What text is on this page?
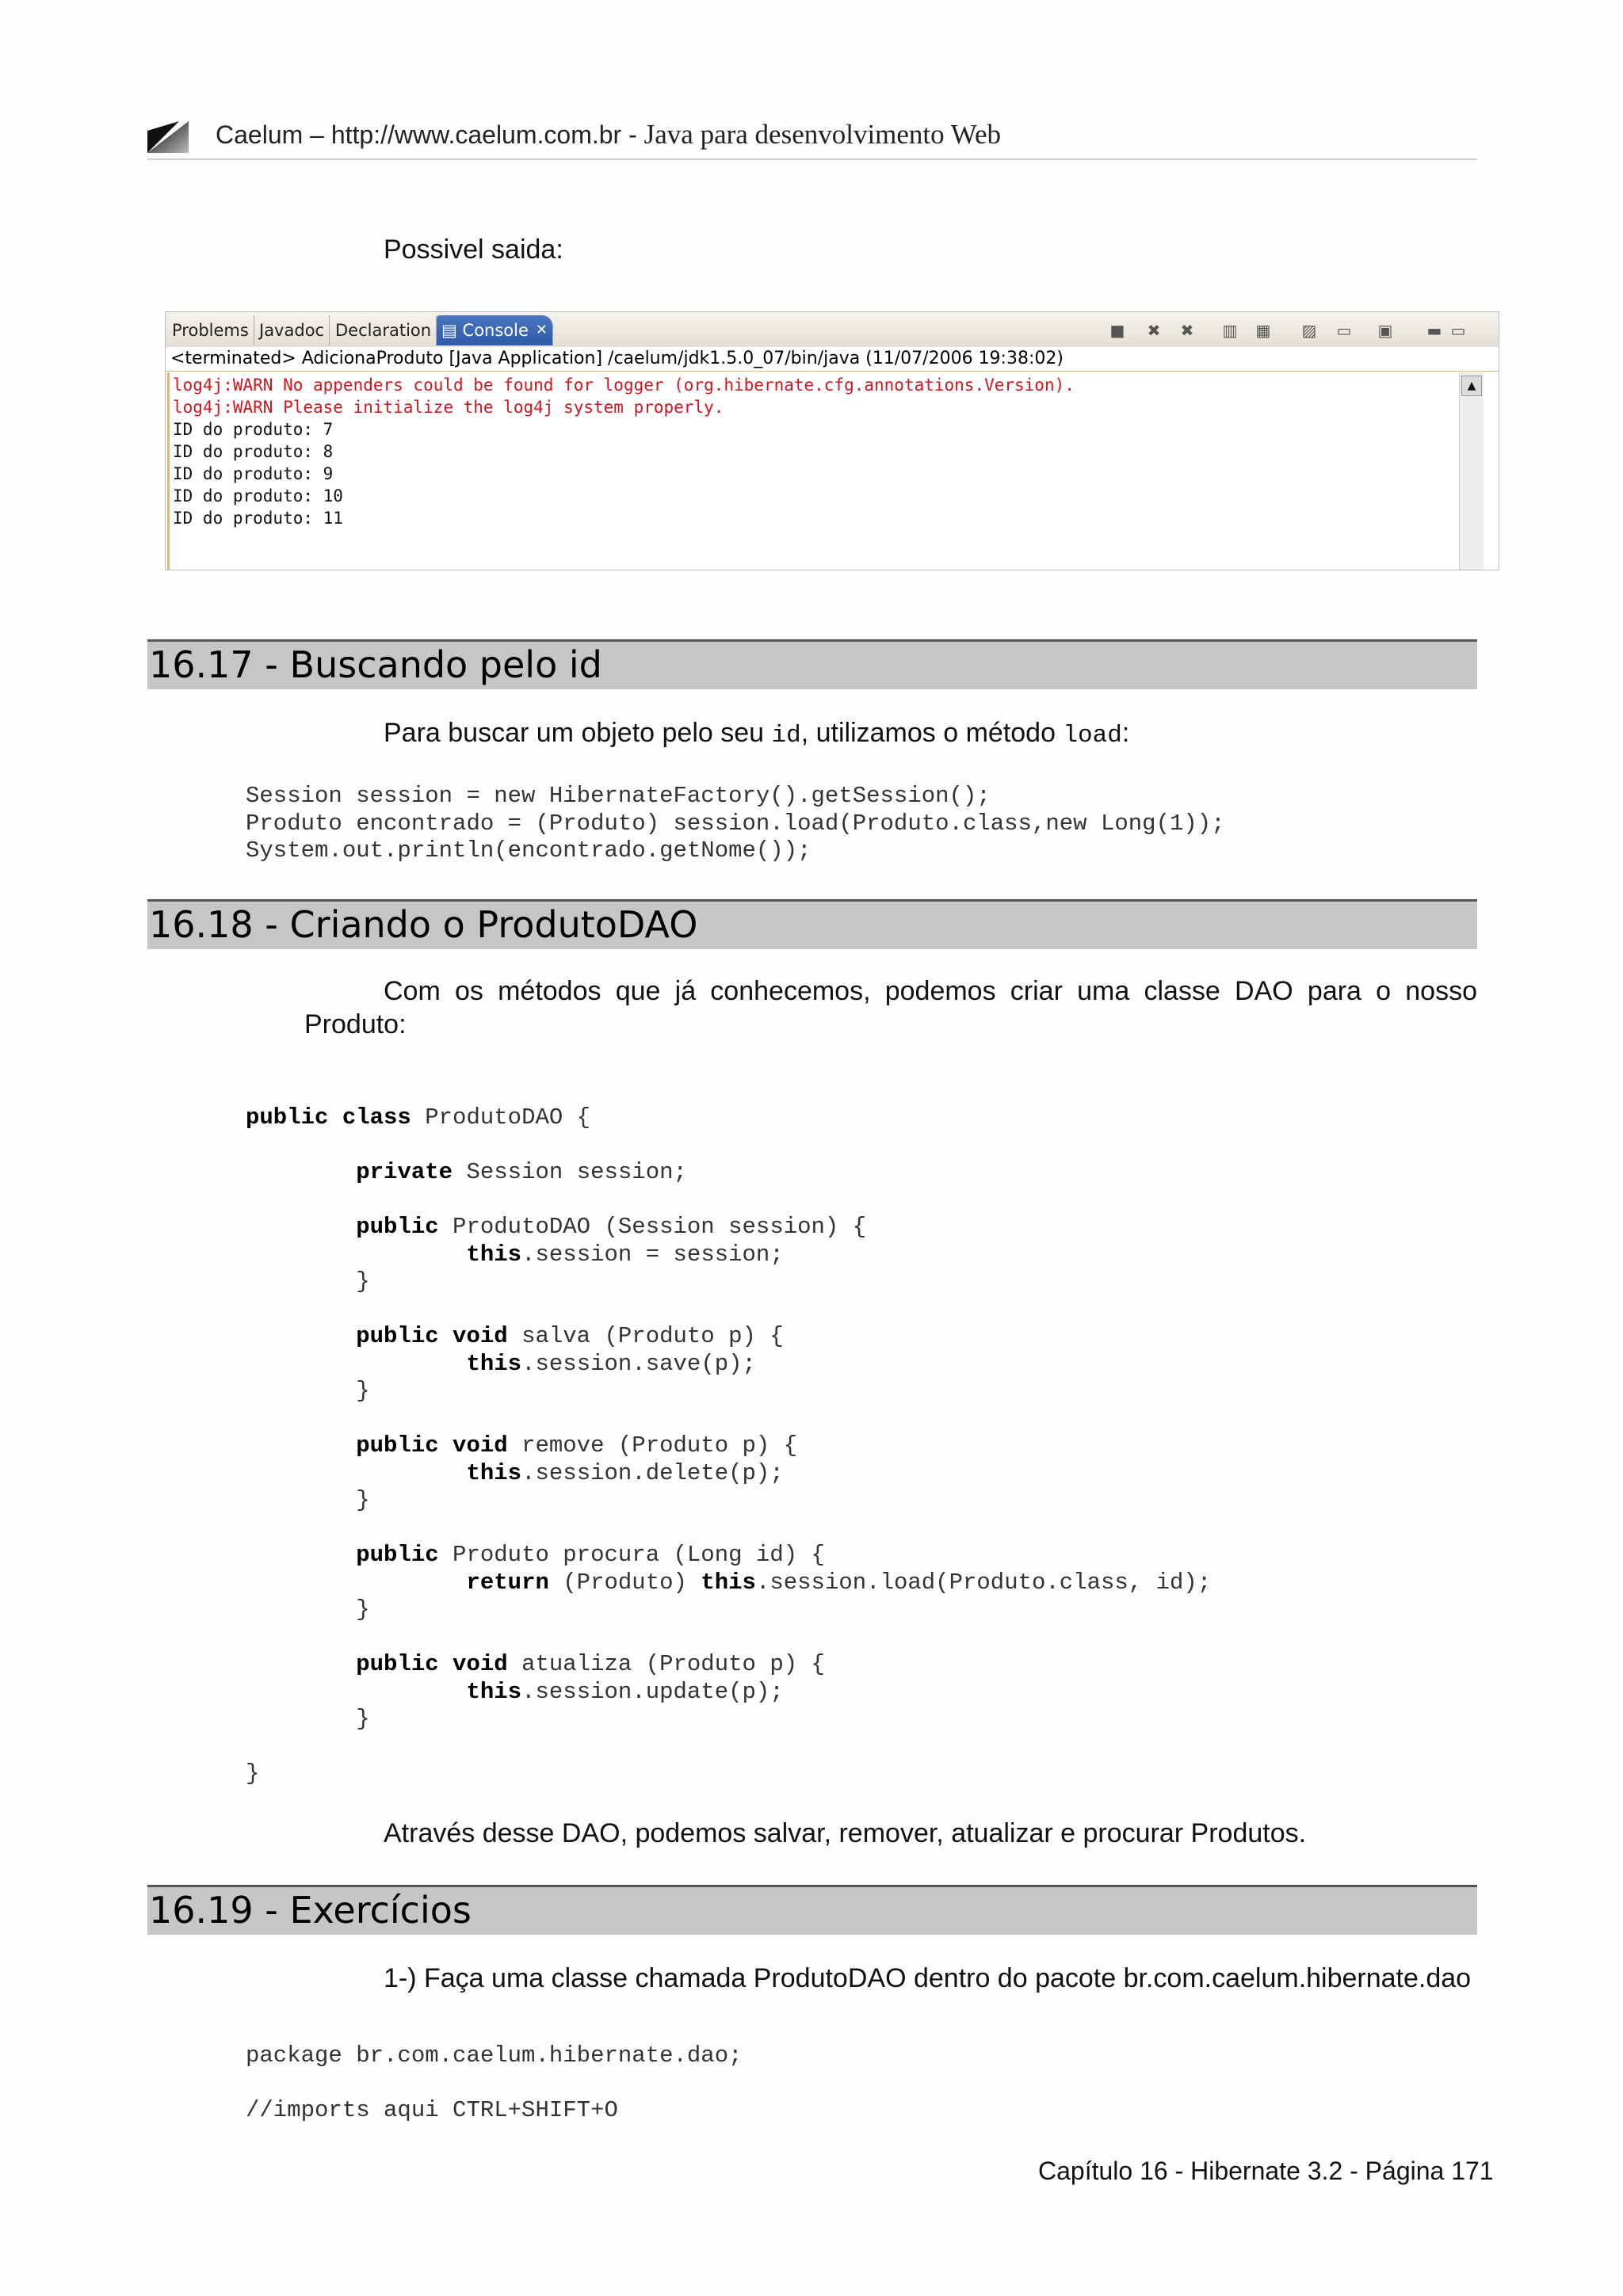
Caelum – http://www.caelum.com.br - Java para desenvolvimento Web
Possivel saida:
Problems Javadoc Declaration ▤ Console ✕	■ ✖ ✖ ▥ ▦ ▨ ▭ ▣ ▬ ▭
<terminated> AdicionaProduto [Java Application] /caelum/jdk1.5.0_07/bin/java (11/07/2006 19:38:02)
log4j:WARN No appenders could be found for logger (org.hibernate.cfg.annotations.Version).
log4j:WARN Please initialize the log4j system properly.
ID do produto: 7
ID do produto: 8
ID do produto: 9
ID do produto: 10
ID do produto: 11
▲
16.17 - Buscando pelo id
Para buscar um objeto pelo seu id, utilizamos o método load:
Session session = new HibernateFactory().getSession();
Produto encontrado = (Produto) session.load(Produto.class,new Long(1));
System.out.println(encontrado.getNome());
16.18 - Criando o ProdutoDAO
Com os métodos que já conhecemos, podemos criar uma classe DAO para o nosso
Produto:
public class ProdutoDAO {

private Session session;

public ProdutoDAO (Session session) {
this.session = session;
}

public void salva (Produto p) {
this.session.save(p);
}

public void remove (Produto p) {
this.session.delete(p);
}

public Produto procura (Long id) {
return (Produto) this.session.load(Produto.class, id);
}

public void atualiza (Produto p) {
this.session.update(p);
}

}
Através desse DAO, podemos salvar, remover, atualizar e procurar Produtos.
16.19 - Exercícios
1-) Faça uma classe chamada ProdutoDAO dentro do pacote br.com.caelum.hibernate.dao
package br.com.caelum.hibernate.dao;
//imports aqui CTRL+SHIFT+O
Capítulo 16 - Hibernate 3.2 - Página 171
